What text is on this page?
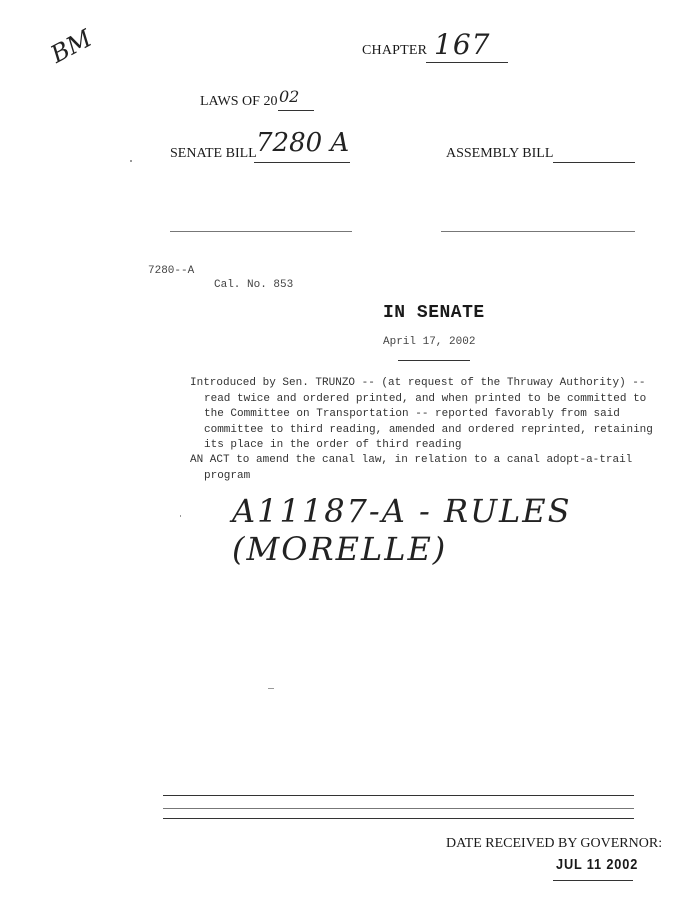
BM	CHAPTER 167
LAWS OF 20 02
SENATE BILL 7280 A	ASSEMBLY BILL
7280--A
Cal. No. 853
IN SENATE
April 17, 2002
Introduced by Sen. TRUNZO -- (at request of the Thruway Authority) --
read twice and ordered printed, and when printed to be committed to
the Committee on Transportation -- reported favorably from said
committee to third reading, amended and ordered reprinted, retaining
its place in the order of third reading
AN ACT to amend the canal law, in relation to a canal adopt-a-trail
program
A11187-A - RULES (MORELLE)
DATE RECEIVED BY GOVERNOR:
JUL 11 2002
